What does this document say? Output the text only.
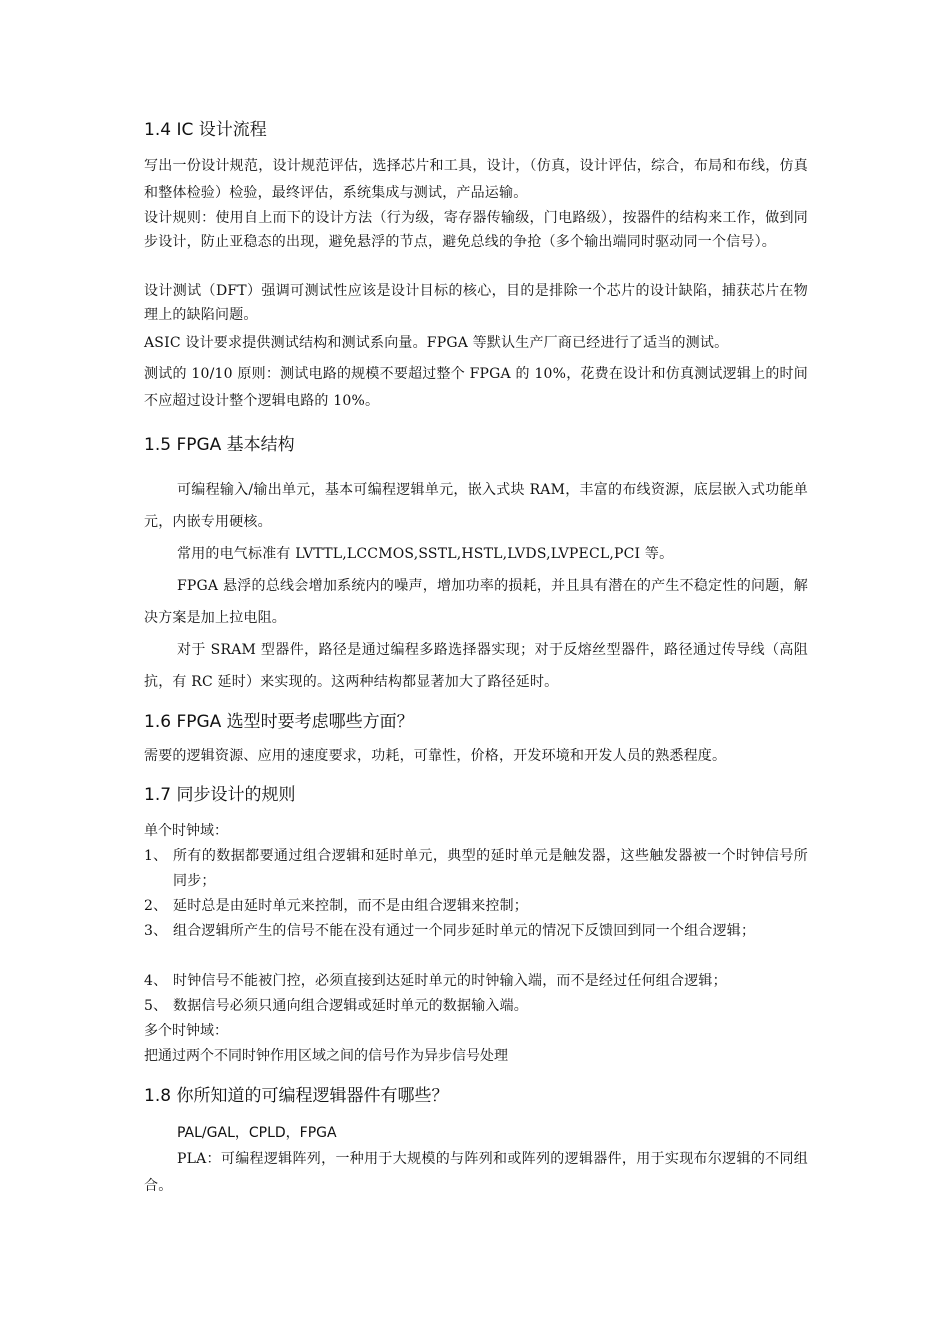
1.4 IC 设计流程

写出一份设计规范，设计规范评估，选择芯片和工具，设计，（仿真，设计评估，综合，布局和布线，仿真和整体检验）检验，最终评估，系统集成与测试，产品运输。

设计规则：使用自上而下的设计方法（行为级，寄存器传输级，门电路级），按器件的结构来工作，做到同步设计，防止亚稳态的出现，避免悬浮的节点，避免总线的争抢（多个输出端同时驱动同一个信号）。

设计测试（DFT）强调可测试性应该是设计目标的核心，目的是排除一个芯片的设计缺陷，捕获芯片在物理上的缺陷问题。

ASIC 设计要求提供测试结构和测试系向量。FPGA 等默认生产厂商已经进行了适当的测试。

测试的 10/10 原则：测试电路的规模不要超过整个 FPGA 的 10%，花费在设计和仿真测试逻辑上的时间不应超过设计整个逻辑电路的 10%。

1.5 FPGA 基本结构

可编程输入/输出单元，基本可编程逻辑单元，嵌入式块 RAM，丰富的布线资源，底层嵌入式功能单元，内嵌专用硬核。

常用的电气标准有 LVTTL,LCCMOS,SSTL,HSTL,LVDS,LVPECL,PCI 等。

FPGA 悬浮的总线会增加系统内的噪声，增加功率的损耗，并且具有潜在的产生不稳定性的问题，解决方案是加上拉电阻。

对于 SRAM 型器件，路径是通过编程多路选择器实现；对于反熔丝型器件，路径通过传导线（高阻抗，有 RC 延时）来实现的。这两种结构都显著加大了路径延时。

1.6 FPGA 选型时要考虑哪些方面？

需要的逻辑资源、应用的速度要求，功耗，可靠性，价格，开发环境和开发人员的熟悉程度。

1.7 同步设计的规则
单个时钟域：
1、 所有的数据都要通过组合逻辑和延时单元，典型的延时单元是触发器，这些触发器被一个时钟信号所同步；
2、 延时总是由延时单元来控制，而不是由组合逻辑来控制；
3、 组合逻辑所产生的信号不能在没有通过一个同步延时单元的情况下反馈回到同一个组合逻辑；
4、 时钟信号不能被门控，必须直接到达延时单元的时钟输入端，而不是经过任何组合逻辑；
5、 数据信号必须只通向组合逻辑或延时单元的数据输入端。
多个时钟域：
把通过两个不同时钟作用区域之间的信号作为异步信号处理
1.8 你所知道的可编程逻辑器件有哪些？
PAL/GAL，CPLD，FPGA

PLA：可编程逻辑阵列，一种用于大规模的与阵列和或阵列的逻辑器件，用于实现布尔逻辑的不同组合。
